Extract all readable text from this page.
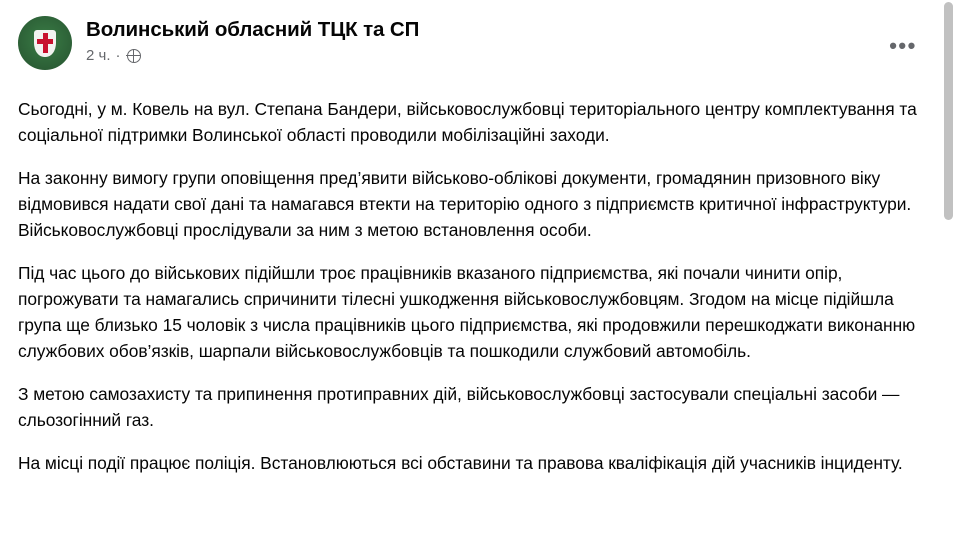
Волинський обласний ТЦК та СП
2 ч. ·	•••

Сьогодні, у м. Ковель на вул. Степана Бандери, військовослужбовці територіального центру комплектування та соціальної підтримки Волинської області проводили мобілізаційні заходи.

На законну вимогу групи оповіщення пред’явити військово-облікові документи, громадянин призовного віку відмовився надати свої дані та намагався втекти на територію одного з підприємств критичної інфраструктури. Військовослужбовці прослідували за ним з метою встановлення особи.

Під час цього до військових підійшли троє працівників вказаного підприємства, які почали чинити опір, погрожувати та намагались спричинити тілесні ушкодження військовослужбовцям. Згодом на місце підійшла група ще близько 15 чоловік з числа працівників цього підприємства, які продовжили перешкоджати виконанню службових обов’язків, шарпали військовослужбовців та пошкодили службовий автомобіль.

З метою самозахисту та припинення протиправних дій, військовослужбовці застосували спеціальні засоби — сльозогінний газ.

На місці події працює поліція. Встановлюються всі обставини та правова кваліфікація дій учасників інциденту.
